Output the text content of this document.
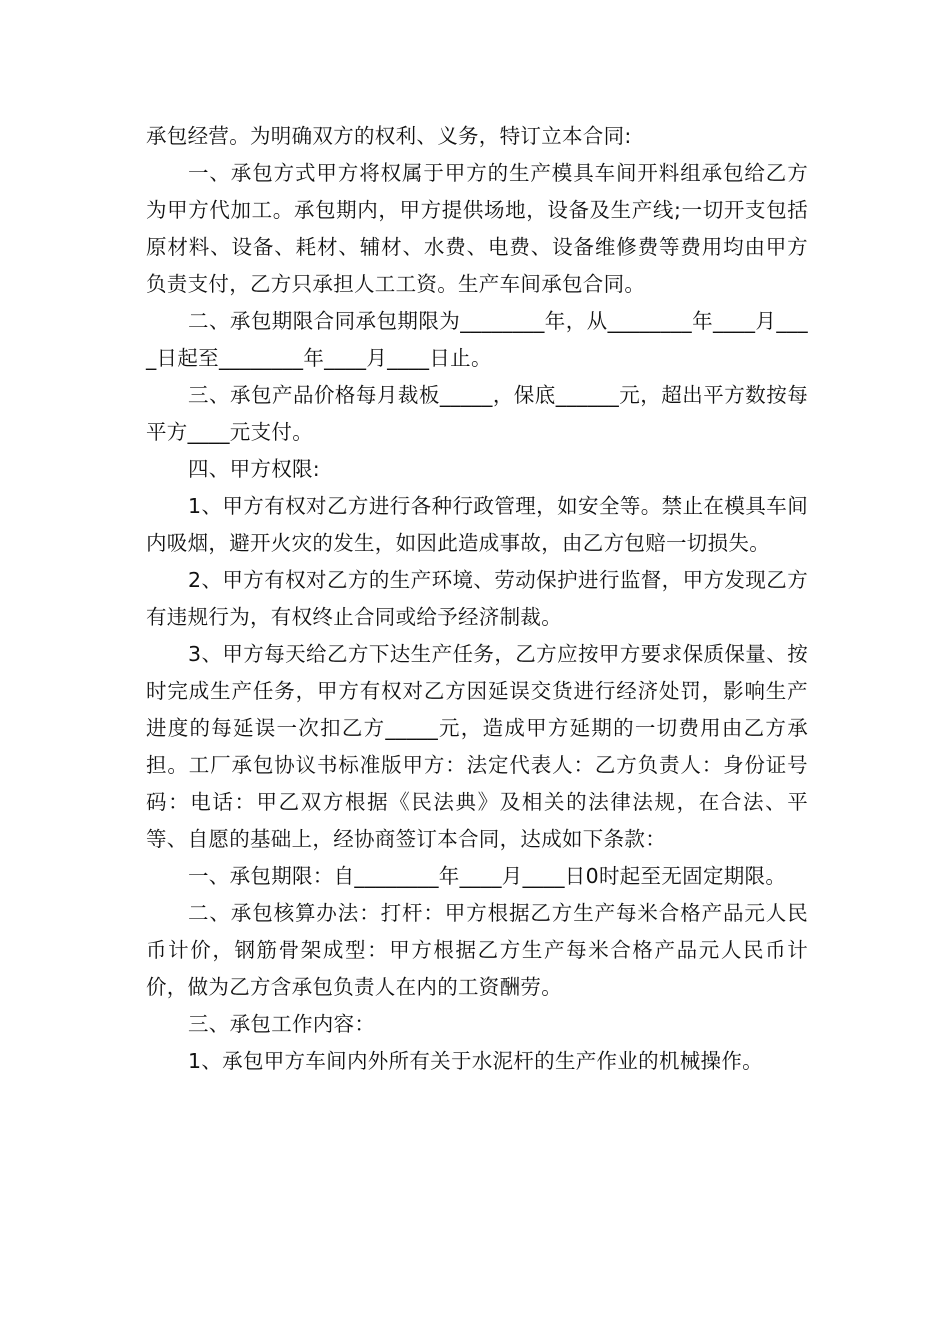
承包经营。为明确双方的权利、义务，特订立本合同:

一、承包方式甲方将权属于甲方的生产模具车间开料组承包给乙方为甲方代加工。承包期内，甲方提供场地，设备及生产线;一切开支包括原材料、设备、耗材、辅材、水费、电费、设备维修费等费用均由甲方负责支付，乙方只承担人工工资。生产车间承包合同。

二、承包期限合同承包期限为________年，从________年____月____日起至________年____月____日止。

三、承包产品价格每月裁板_____，保底______元，超出平方数按每平方____元支付。

四、甲方权限:

1、甲方有权对乙方进行各种行政管理，如安全等。禁止在模具车间内吸烟，避开火灾的发生，如因此造成事故，由乙方包赔一切损失。

2、甲方有权对乙方的生产环境、劳动保护进行监督，甲方发现乙方有违规行为，有权终止合同或给予经济制裁。

3、甲方每天给乙方下达生产任务，乙方应按甲方要求保质保量、按时完成生产任务，甲方有权对乙方因延误交货进行经济处罚，影响生产进度的每延误一次扣乙方_____元，造成甲方延期的一切费用由乙方承担。工厂承包协议书标准版甲方：法定代表人：乙方负责人：身份证号码：电话：甲乙双方根据《民法典》及相关的法律法规，在合法、平等、自愿的基础上，经协商签订本合同，达成如下条款：

一、承包期限：自________年____月____日0时起至无固定期限。

二、承包核算办法：打杆：甲方根据乙方生产每米合格产品元人民币计价，钢筋骨架成型：甲方根据乙方生产每米合格产品元人民币计价，做为乙方含承包负责人在内的工资酬劳。

三、承包工作内容：

1、承包甲方车间内外所有关于水泥杆的生产作业的机械操作。
